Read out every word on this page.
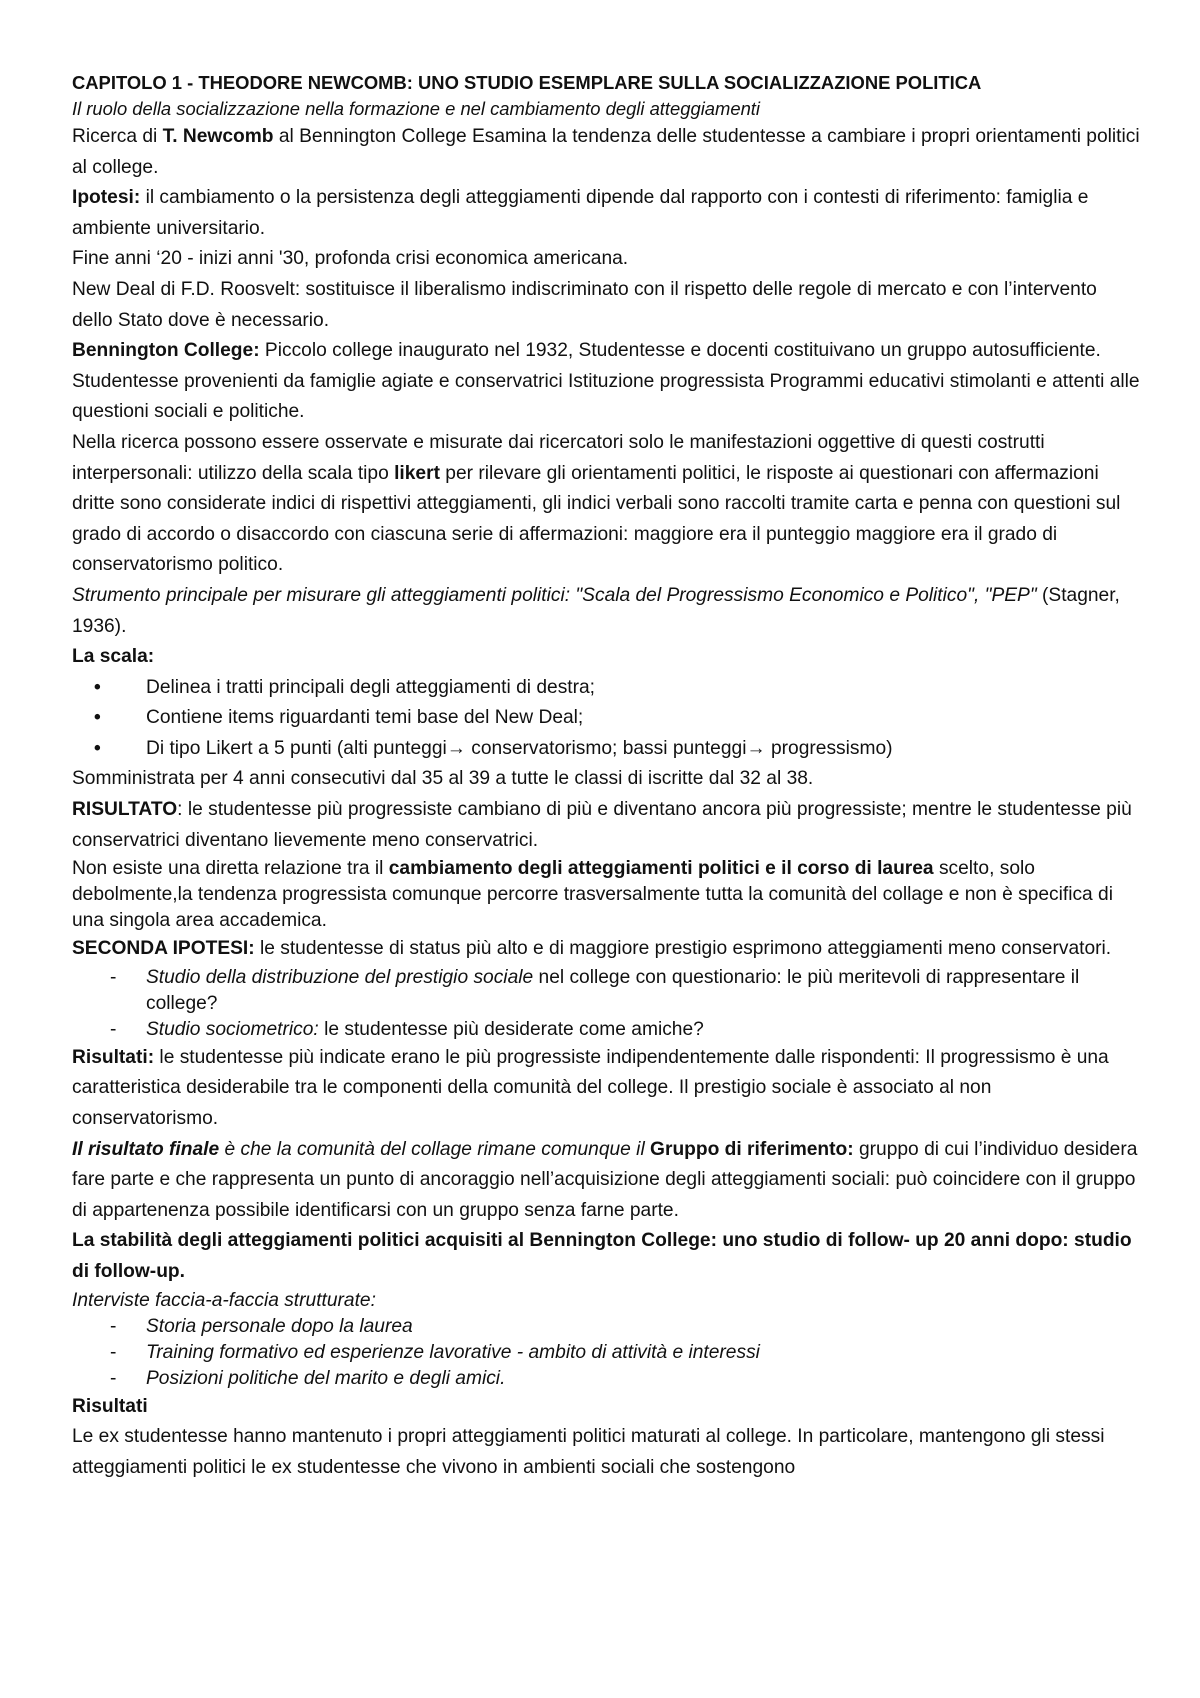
CAPITOLO 1 - THEODORE NEWCOMB: UNO STUDIO ESEMPLARE SULLA SOCIALIZZAZIONE POLITICA

Il ruolo della socializzazione nella formazione e nel cambiamento degli atteggiamenti

Ricerca di T. Newcomb al Bennington College Esamina la tendenza delle studentesse a cambiare i propri orientamenti politici al college.

Ipotesi: il cambiamento o la persistenza degli atteggiamenti dipende dal rapporto con i contesti di riferimento: famiglia e ambiente universitario.

Fine anni ‘20 - inizi anni '30, profonda crisi economica americana.

New Deal di F.D. Roosvelt: sostituisce il liberalismo indiscriminato con il rispetto delle regole di mercato e con l’intervento dello Stato dove è necessario.

Bennington College: Piccolo college inaugurato nel 1932, Studentesse e docenti costituivano un gruppo autosufficiente. Studentesse provenienti da famiglie agiate e conservatrici Istituzione progressista Programmi educativi stimolanti e attenti alle questioni sociali e politiche.

Nella ricerca possono essere osservate e misurate dai ricercatori solo le manifestazioni oggettive di questi costrutti interpersonali: utilizzo della scala tipo likert per rilevare gli orientamenti politici, le risposte ai questionari con affermazioni dritte sono considerate indici di rispettivi atteggiamenti, gli indici verbali sono raccolti tramite carta e penna con questioni sul grado di accordo o disaccordo con ciascuna serie di affermazioni: maggiore era il punteggio maggiore era il grado di conservatorismo politico.

Strumento principale per misurare gli atteggiamenti politici: "Scala del Progressismo Economico e Politico", "PEP" (Stagner, 1936).

La scala:

• Delinea i tratti principali degli atteggiamenti di destra;
• Contiene items riguardanti temi base del New Deal;
• Di tipo Likert a 5 punti (alti punteggi→ conservatorismo; bassi punteggi→ progressismo)

Somministrata per 4 anni consecutivi dal 35 al 39 a tutte le classi di iscritte dal 32 al 38.

RISULTATO: le studentesse più progressiste cambiano di più e diventano ancora più progressiste; mentre le studentesse più conservatrici diventano lievemente meno conservatrici.

Non esiste una diretta relazione tra il cambiamento degli atteggiamenti politici e il corso di laurea scelto, solo debolmente,la tendenza progressista comunque percorre trasversalmente tutta la comunità del collage e non è specifica di una singola area accademica.

SECONDA IPOTESI: le studentesse di status più alto e di maggiore prestigio esprimono atteggiamenti meno conservatori.

- Studio della distribuzione del prestigio sociale nel college con questionario: le più meritevoli di rappresentare il college?
- Studio sociometrico: le studentesse più desiderate come amiche?

Risultati: le studentesse più indicate erano le più progressiste indipendentemente dalle rispondenti: Il progressismo è una caratteristica desiderabile tra le componenti della comunità del college. Il prestigio sociale è associato al non conservatorismo.

Il risultato finale è che la comunità del collage rimane comunque il Gruppo di riferimento: gruppo di cui l’individuo desidera fare parte e che rappresenta un punto di ancoraggio nell’acquisizione degli atteggiamenti sociali: può coincidere con il gruppo di appartenenza possibile identificarsi con un gruppo senza farne parte.

La stabilità degli atteggiamenti politici acquisiti al Bennington College: uno studio di follow- up 20 anni dopo: studio di follow-up.

Interviste faccia-a-faccia strutturate:

- Storia personale dopo la laurea
- Training formativo ed esperienze lavorative - ambito di attività e interessi
- Posizioni politiche del marito e degli amici.

Risultati

Le ex studentesse hanno mantenuto i propri atteggiamenti politici maturati al college. In particolare, mantengono gli stessi atteggiamenti politici le ex studentesse che vivono in ambienti sociali che sostengono
